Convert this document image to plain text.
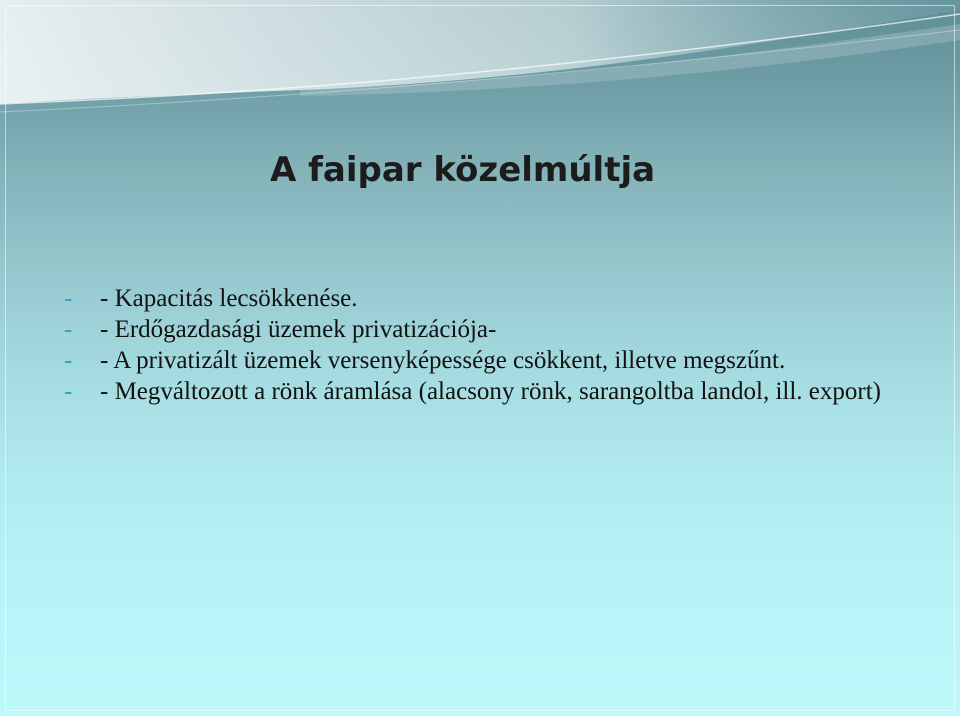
A faipar közelmúltja
- - Kapacitás lecsökkenése.
- - Erdőgazdasági üzemek privatizációja-
- - A privatizált üzemek versenyképessége csökkent, illetve megszűnt.
- - Megváltozott a rönk áramlása (alacsony rönk, sarangoltba landol, ill. export)
